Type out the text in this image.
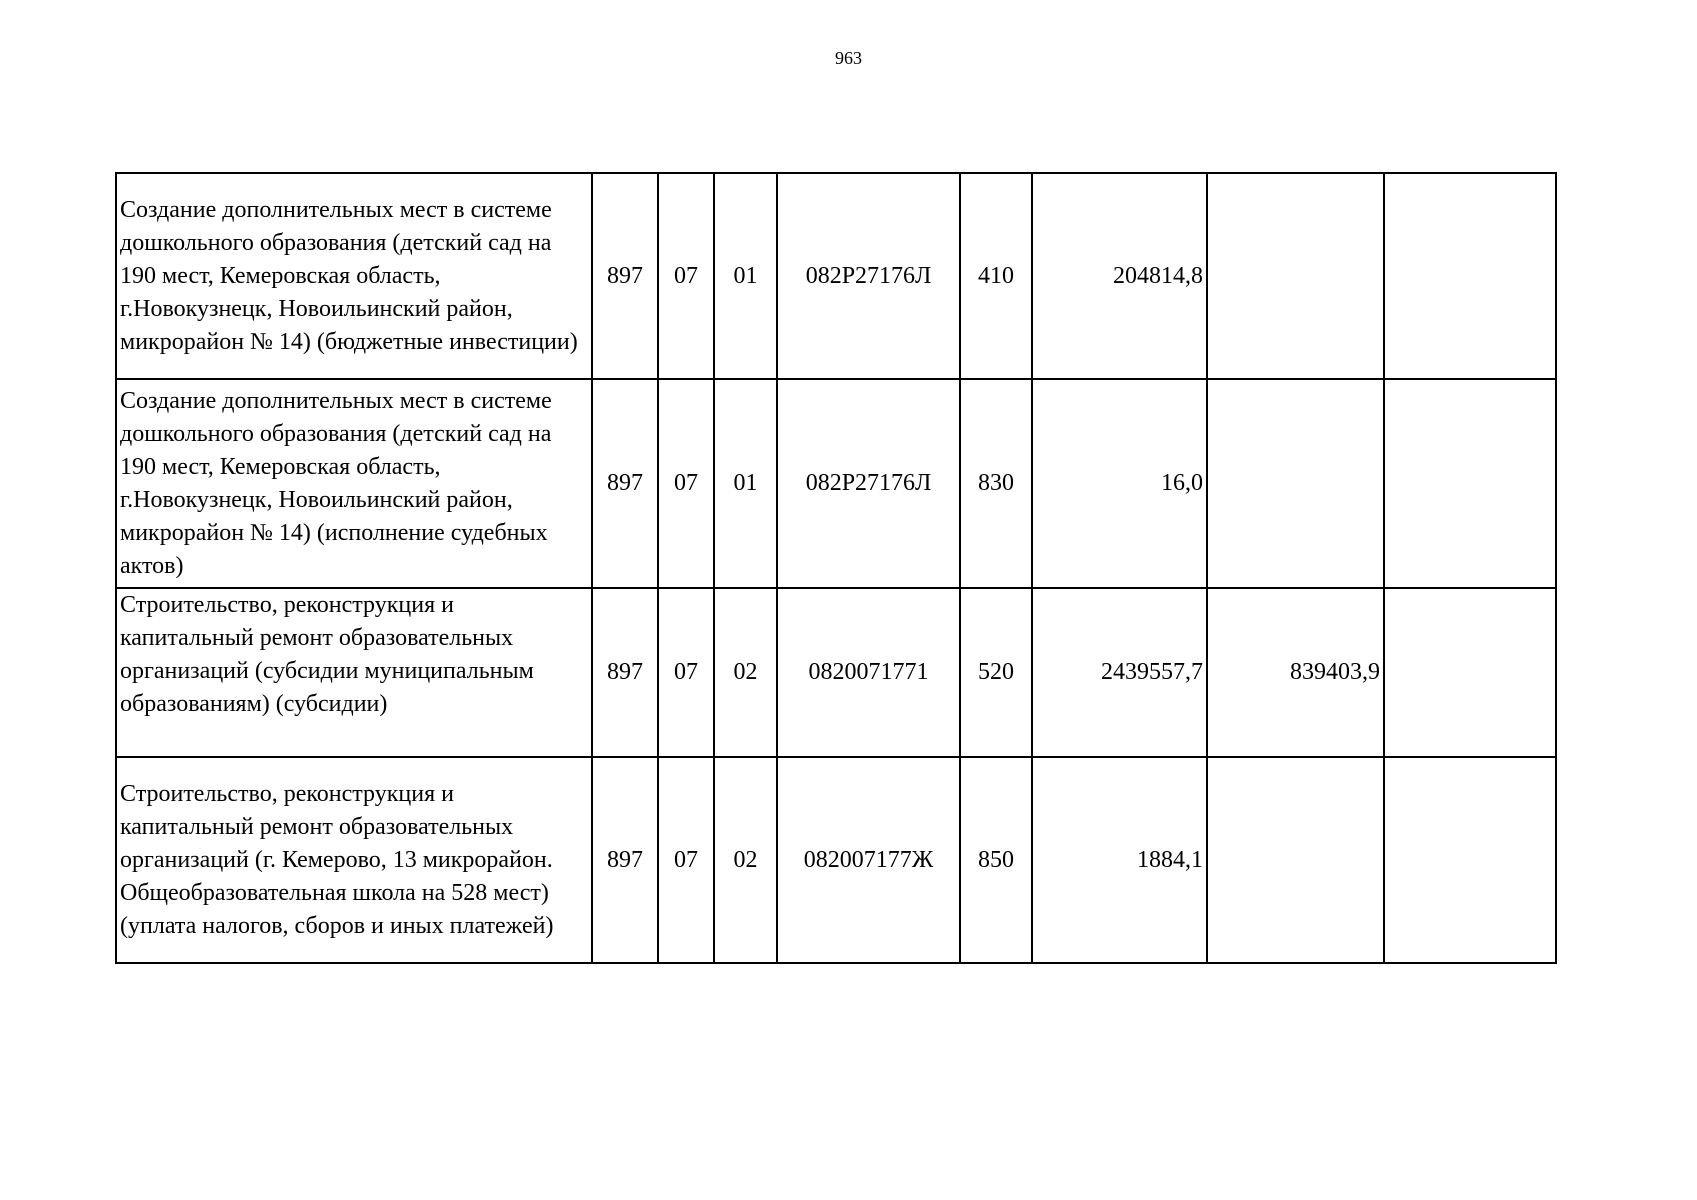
963
Создание дополнительных мест в системе дошкольного образования (детский сад на 190 мест, Кемеровская область, г.Новокузнецк, Новоильинский район, микрорайон № 14) (бюджетные инвестиции)	897	07	01	082P27176Л	410	204814,8		
Создание дополнительных мест в системе дошкольного образования (детский сад на 190 мест, Кемеровская область, г.Новокузнецк, Новоильинский район, микрорайон № 14) (исполнение судебных актов)	897	07	01	082P27176Л	830	16,0		
Строительство, реконструкция и капитальный ремонт образовательных организаций (субсидии муниципальным образованиям) (субсидии)	897	07	02	0820071771	520	2439557,7	839403,9	
Строительство, реконструкция и капитальный ремонт образовательных организаций (г. Кемерово, 13 микрорайон. Общеобразовательная школа на 528 мест) (уплата налогов, сборов и иных платежей)	897	07	02	082007177Ж	850	1884,1		
